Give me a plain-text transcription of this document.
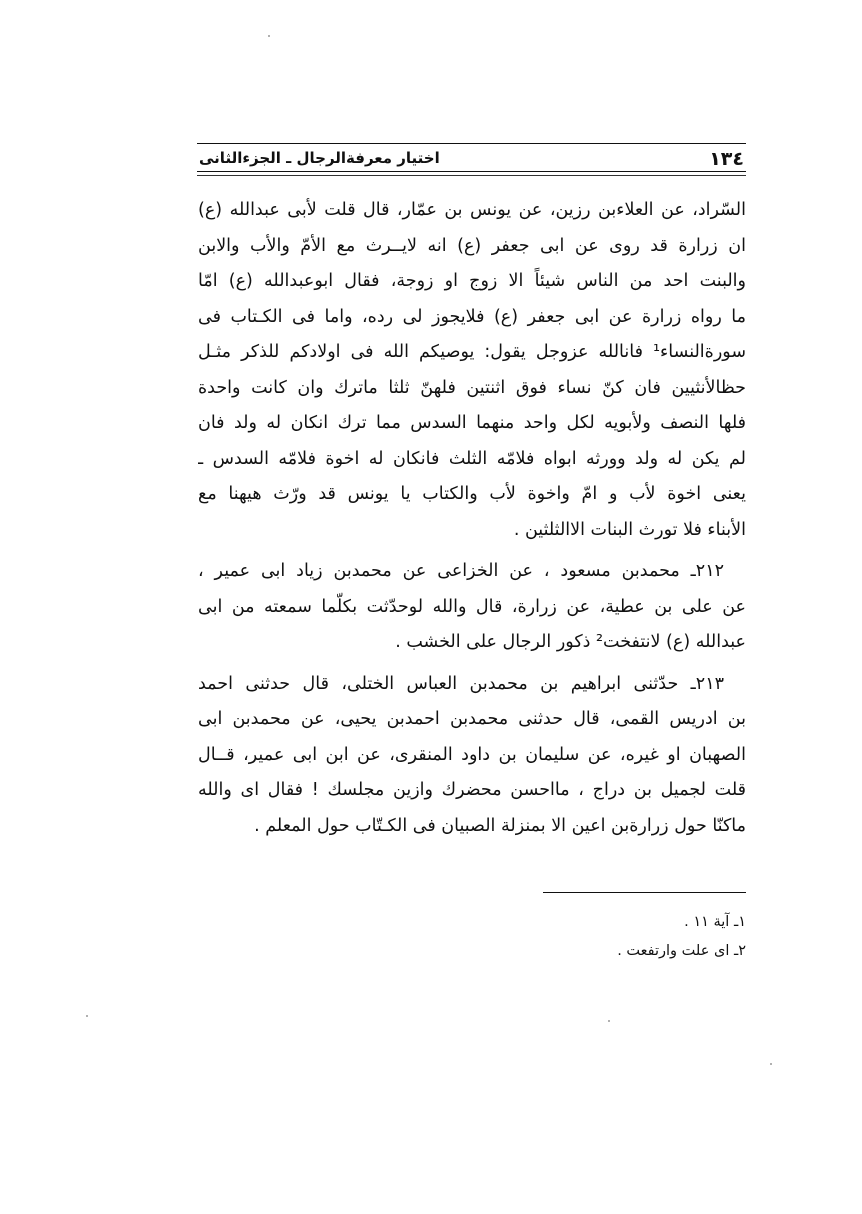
١٣٤
اختيار معرفةالرجال ـ الجزءالثانى
السّراد، عن العلاءبن رزين، عن يونس بن عمّار، قال قلت لأبى عبدالله (ع)
ان زرارة قد روى عن ابى جعفر (ع) انه لايــرث مع الأمّ والأب والابن
والبنت احد من الناس شيئاً الا زوج او زوجة، فقال ابوعبدالله (ع) امّا
ما رواه زرارة عن ابى جعفر (ع) فلايجوز لى رده، واما فى الكـتاب فى
سورةالنساء¹ فانالله عزوجل يقول: يوصيكم الله فى اولادكم للذكر مثـل
حظالأنثيين فان كنّ نساء فوق اثنتين فلهنّ ثلثا ماترك وان كانت واحدة
فلها النصف ولأبويه لكل واحد منهما السدس مما ترك انكان له ولد فان
لم يكن له ولد وورثه ابواه فلامّه الثلث فانكان له اخوة فلامّه السدس ـ
يعنى اخوة لأب و امّ واخوة لأب والكتاب يا يونس قد ورّث هيهنا مع
الأبناء فلا تورث البنات الاالثلثين .
٢١٢ـ محمدبن مسعود ، عن الخزاعى عن محمدبن زياد ابى عمير ،
عن على بن عطية، عن زرارة، قال والله لوحدّثت بكلّما سمعته من ابى
عبدالله (ع) لانتفخت² ذكور الرجال على الخشب .
٢١٣ـ حدّثنى ابراهيم بن محمدبن العباس الختلى، قال حدثنى احمد
بن ادريس القمى، قال حدثنى محمدبن احمدبن يحيى، عن محمدبن ابى
الصهبان او غيره، عن سليمان بن داود المنقرى، عن ابن ابى عمير، قــال
قلت لجميل بن دراج ، مااحسن محضرك وازين مجلسك ! فقال اى والله
ماكنّا حول زرارةبن اعين الا بمنزلة الصبيان فى الكـتّاب حول المعلم .
١ـ آية ١١ .
٢ـ اى علت وارتفعت .
